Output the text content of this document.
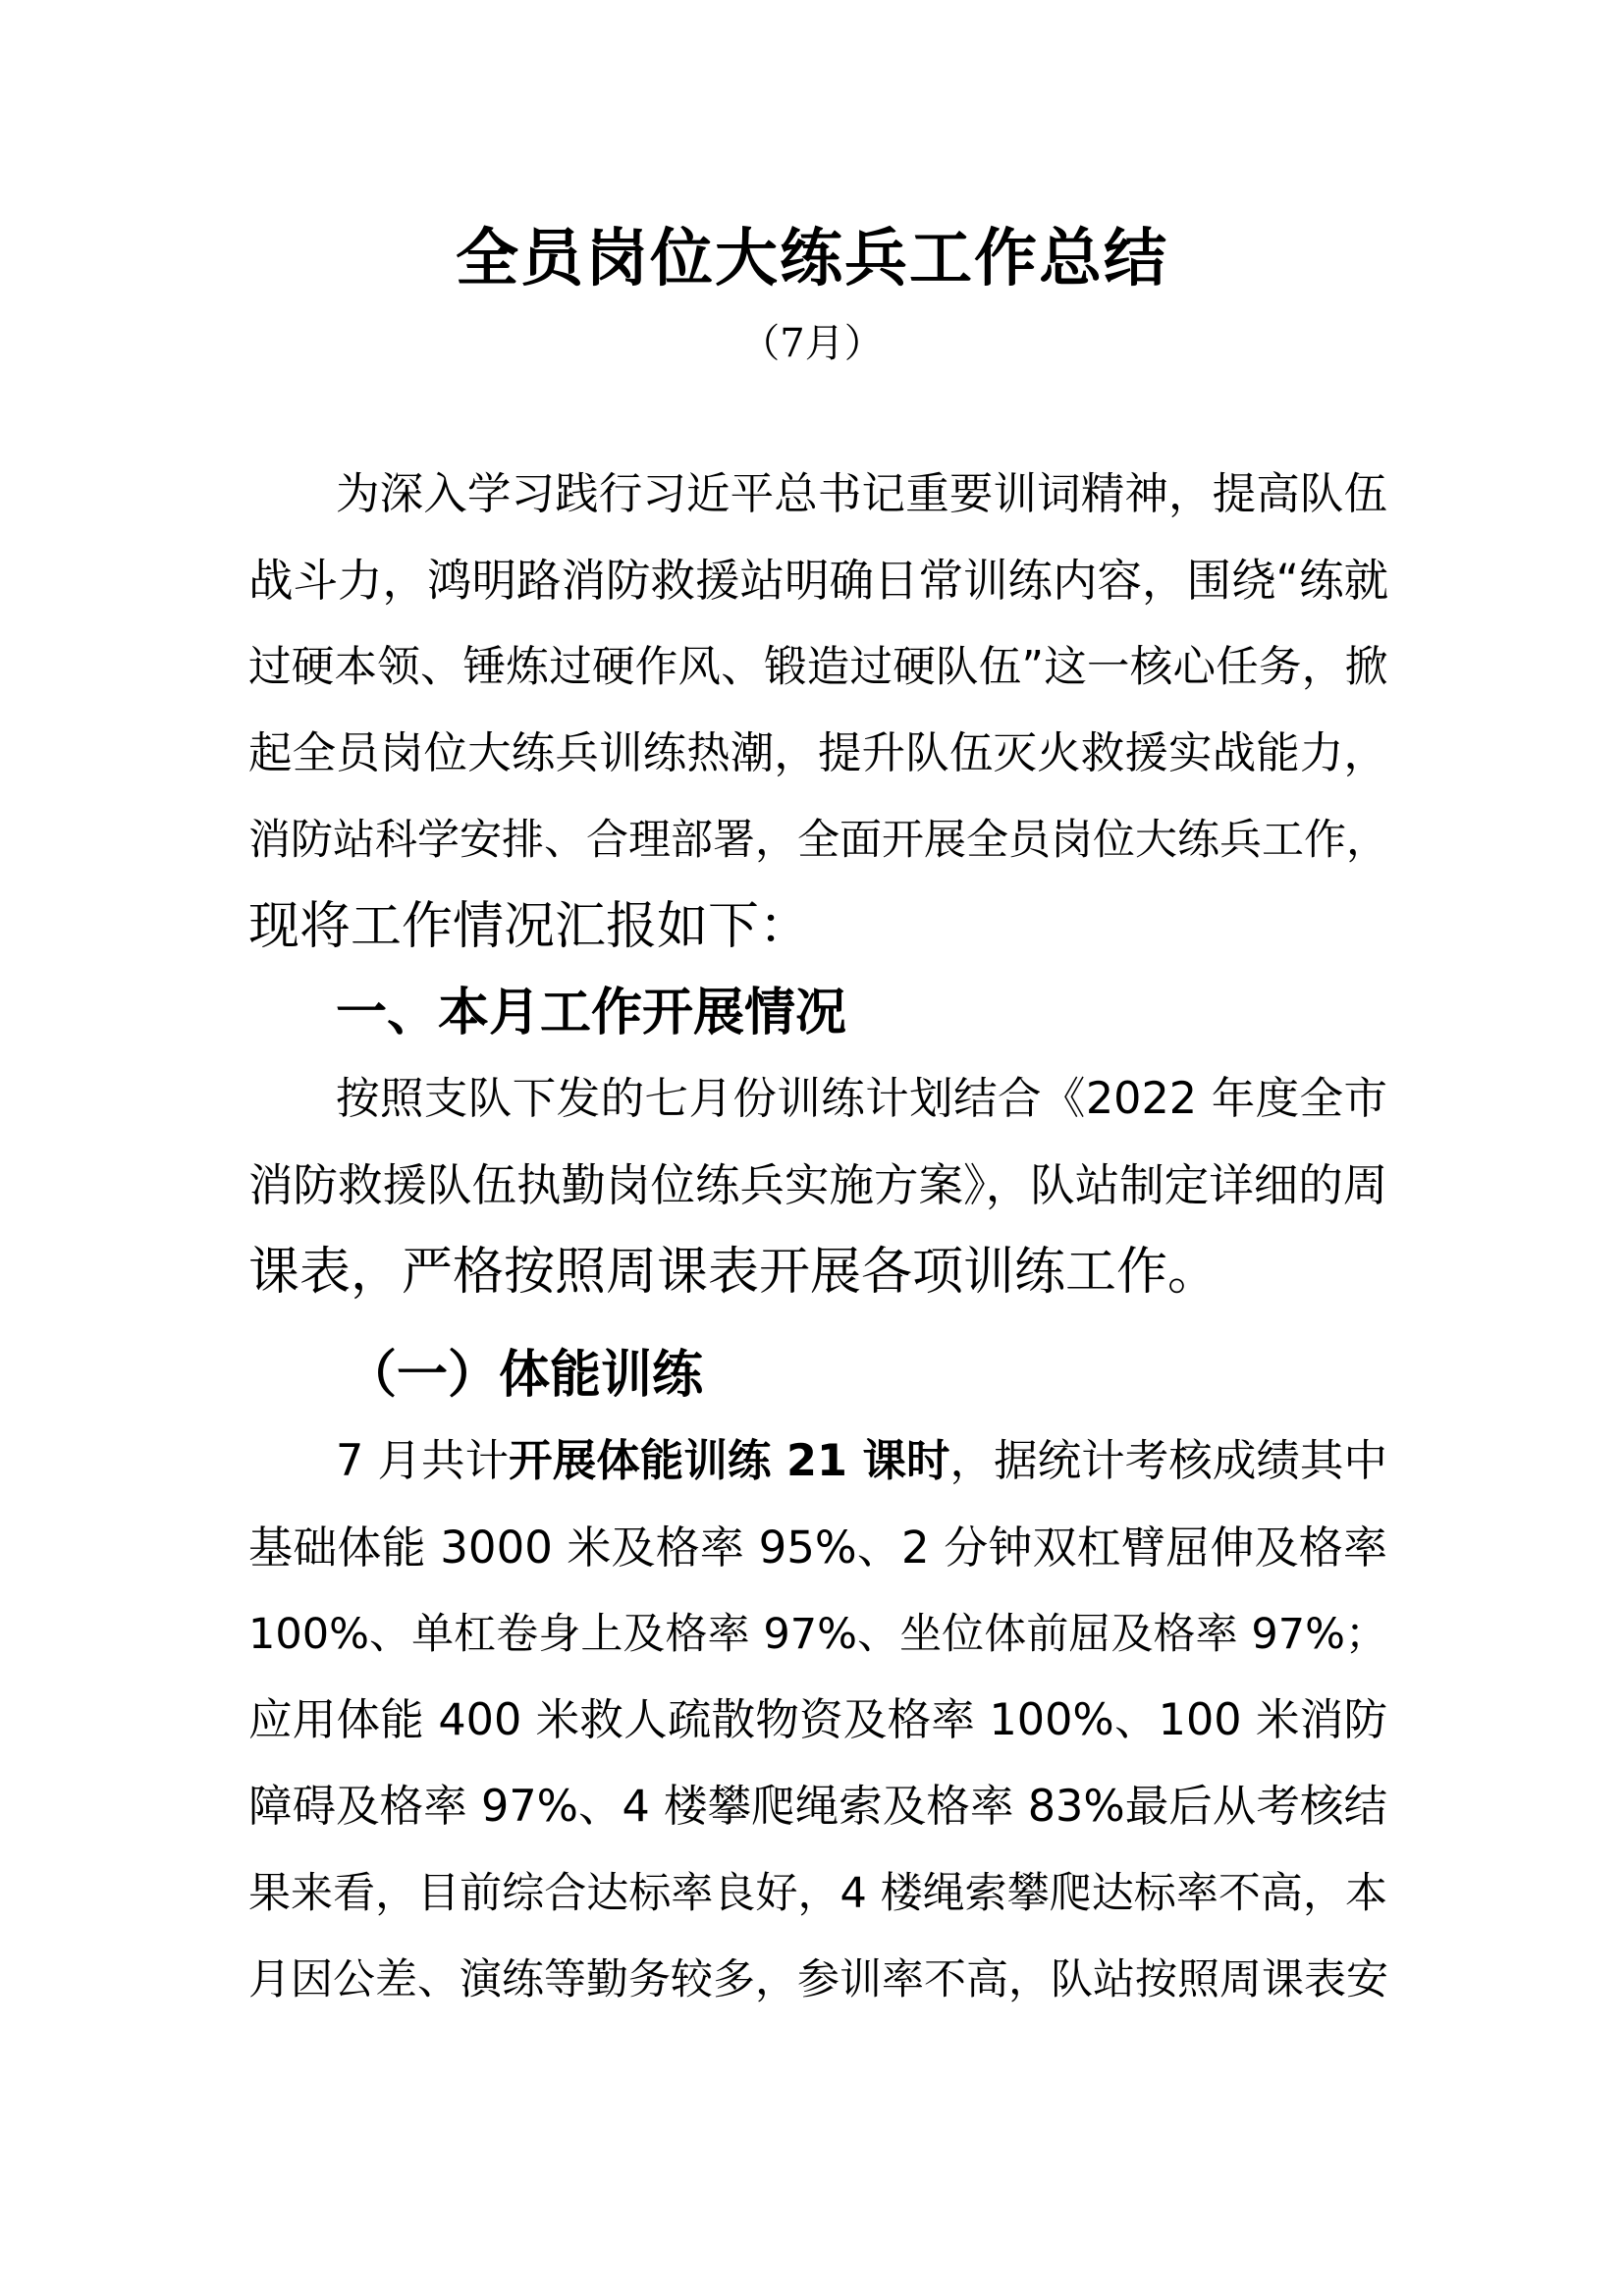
全员岗位大练兵工作总结
（7月）
为深入学习践行习近平总书记重要训词精神，提高队伍
战斗力，鸿明路消防救援站明确日常训练内容，围绕“练就
过硬本领、锤炼过硬作风、锻造过硬队伍”这一核心任务，掀
起全员岗位大练兵训练热潮，提升队伍灭火救援实战能力，
消防站科学安排、合理部署，全面开展全员岗位大练兵工作，
现将工作情况汇报如下：
一、本月工作开展情况
按照支队下发的七月份训练计划结合《2022 年度全市
消防救援队伍执勤岗位练兵实施方案》，队站制定详细的周
课表，严格按照周课表开展各项训练工作。
（一）体能训练
7 月共计开展体能训练 21 课时，据统计考核成绩其中
基础体能 3000 米及格率 95%、2 分钟双杠臂屈伸及格率
100%、单杠卷身上及格率 97%、坐位体前屈及格率 97%；
应用体能 400 米救人疏散物资及格率 100%、100 米消防
障碍及格率 97%、4 楼攀爬绳索及格率 83%最后从考核结
果来看，目前综合达标率良好，4 楼绳索攀爬达标率不高，本
月因公差、演练等勤务较多，参训率不高，队站按照周课表安
